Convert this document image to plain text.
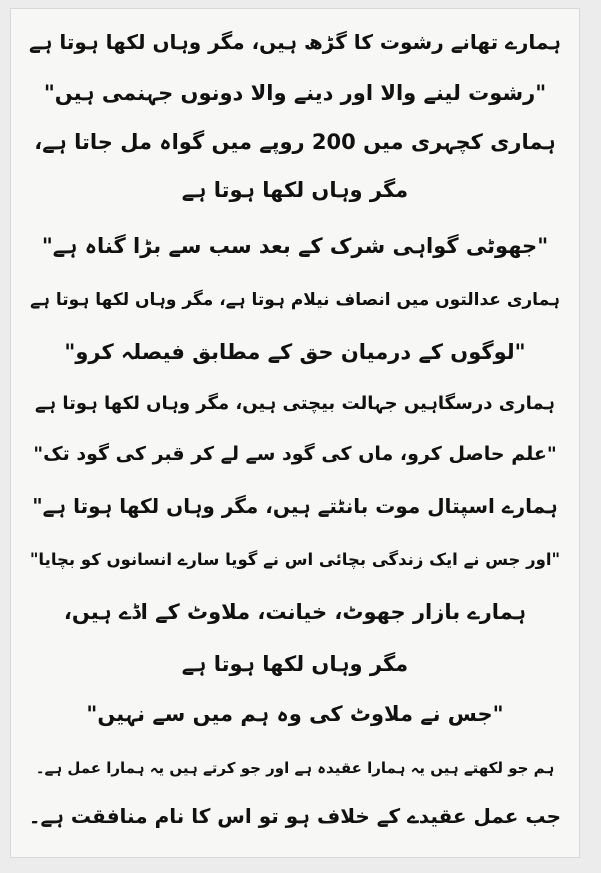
ہمارے تھانے رشوت کا گڑھ ہیں، مگر وہاں لکھا ہوتا ہے
"رشوت لینے والا اور دینے والا دونوں جہنمی ہیں"
ہماری کچہری میں 200 روپے میں گواہ مل جاتا ہے،
مگر وہاں لکھا ہوتا ہے
"جھوٹی گواہی شرک کے بعد سب سے بڑا گناہ ہے"
ہماری عدالتوں میں انصاف نیلام ہوتا ہے، مگر وہاں لکھا ہوتا ہے
"لوگوں کے درمیان حق کے مطابق فیصلہ کرو"
ہماری درسگاہیں جہالت بیچتی ہیں، مگر وہاں لکھا ہوتا ہے
"علم حاصل کرو، ماں کی گود سے لے کر قبر کی گود تک"
ہمارے اسپتال موت بانٹتے ہیں، مگر وہاں لکھا ہوتا ہے"
"اور جس نے ایک زندگی بچائی اس نے گویا سارے انسانوں کو بچایا"
ہمارے بازار جھوٹ، خیانت، ملاوٹ کے اڈے ہیں،
مگر وہاں لکھا ہوتا ہے
"جس نے ملاوٹ کی وہ ہم میں سے نہیں"
ہم جو لکھتے ہیں یہ ہمارا عقیدہ ہے اور جو کرتے ہیں یہ ہمارا عمل ہے۔
جب عمل عقیدے کے خلاف ہو تو اس کا نام منافقت ہے۔
